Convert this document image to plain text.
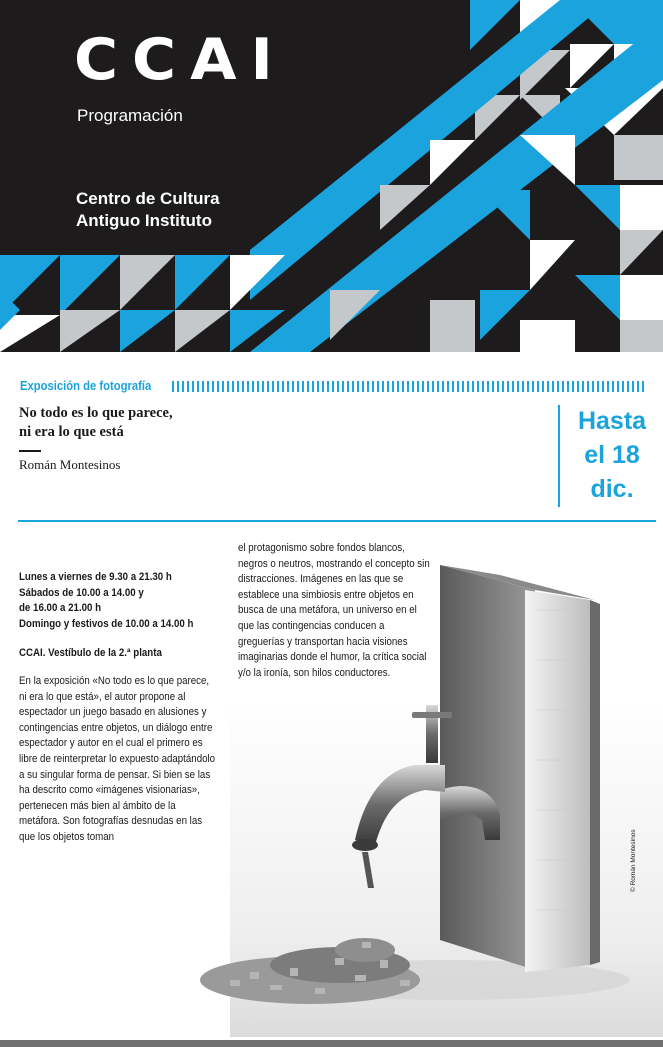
CCAI
Programación
Centro de Cultura
Antiguo Instituto
Exposición de fotografía
No todo es lo que parece,
ni era lo que está
Román Montesinos
Hasta
el 18
dic.
© Román Montesinos
Lunes a viernes de 9.30 a 21.30 h
Sábados de 10.00 a 14.00 y
de 16.00 a 21.00 h
Domingo y festivos de 10.00 a 14.00 h
CCAI. Vestíbulo de la 2.ª planta
En la exposición «No todo es lo que parece, ni era lo que está», el autor propone al espectador un juego basado en alusiones y contingencias entre objetos, un diálogo entre espectador y autor en el cual el primero es libre de reinterpretar lo expuesto adaptándolo a su singular forma de pensar. Si bien se las ha descrito como «imágenes visionarias», pertenecen más bien al ámbito de la metáfora. Son fotografías desnudas en las que los objetos toman
el protagonismo sobre fondos blancos, negros o neutros, mostrando el concepto sin distracciones. Imágenes en las que se establece una simbiosis entre objetos en busca de una metáfora, un universo en el que las contingencias conducen a greguerías y transportan hacia visiones imaginarias donde el humor, la crítica social y/o la ironía, son hilos conductores.
